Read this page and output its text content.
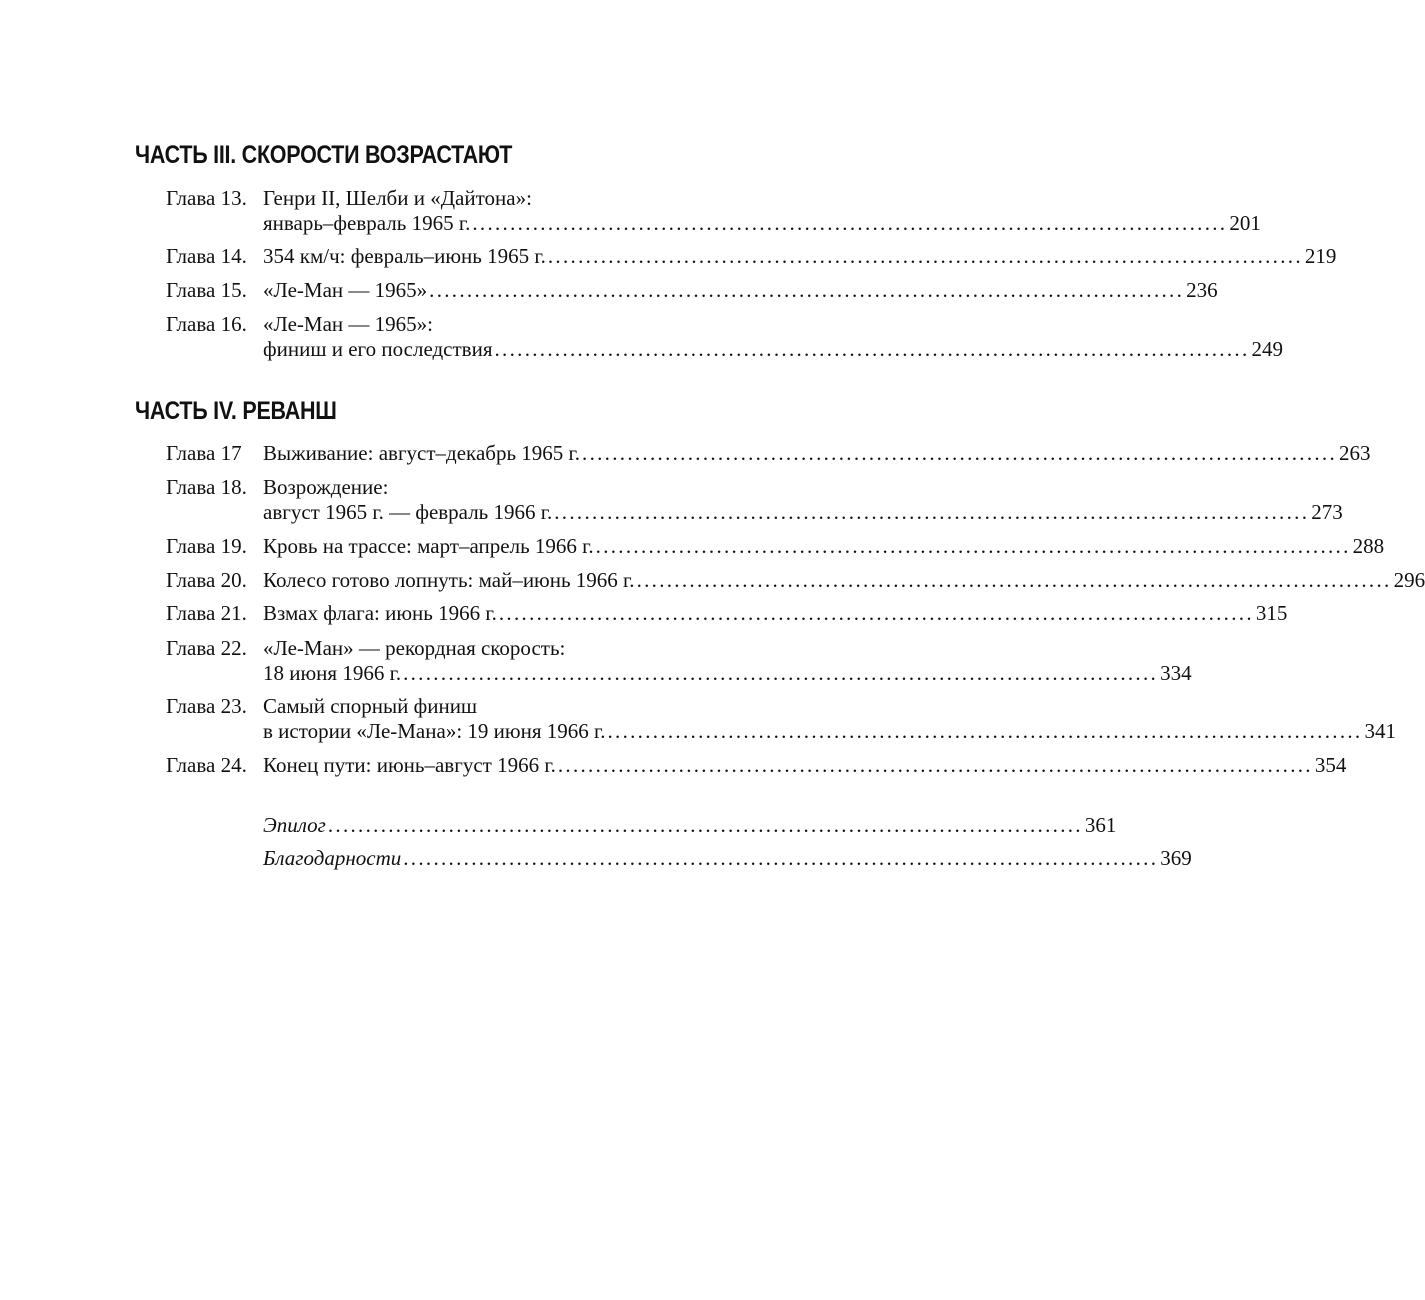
ЧАСТЬ III. СКОРОСТИ ВОЗРАСТАЮТ
Глава 13. Генри II, Шелби и «Дайтона»:
январь–февраль 1965 г. .................................................................................................... 201
Глава 14. 354 км/ч: февраль–июнь 1965 г. .................................................................................................... 219
Глава 15. «Ле-Ман — 1965» .................................................................................................... 236
Глава 16. «Ле-Ман — 1965»:
финиш и его последствия .................................................................................................... 249
ЧАСТЬ IV. РЕВАНШ
Глава 17 Выживание: август–декабрь 1965 г. .................................................................................................... 263
Глава 18. Возрождение:
август 1965 г. — февраль 1966 г. .................................................................................................... 273
Глава 19. Кровь на трассе: март–апрель 1966 г. .................................................................................................... 288
Глава 20. Колесо готово лопнуть: май–июнь 1966 г. .................................................................................................... 296
Глава 21. Взмах флага: июнь 1966 г. .................................................................................................... 315
Глава 22. «Ле-Ман» — рекордная скорость:
18 июня 1966 г. .................................................................................................... 334
Глава 23. Самый спорный финиш
в истории «Ле-Мана»: 19 июня 1966 г. .................................................................................................... 341
Глава 24. Конец пути: июнь–август 1966 г. .................................................................................................... 354
Эпилог .................................................................................................... 361
Благодарности .................................................................................................... 369
